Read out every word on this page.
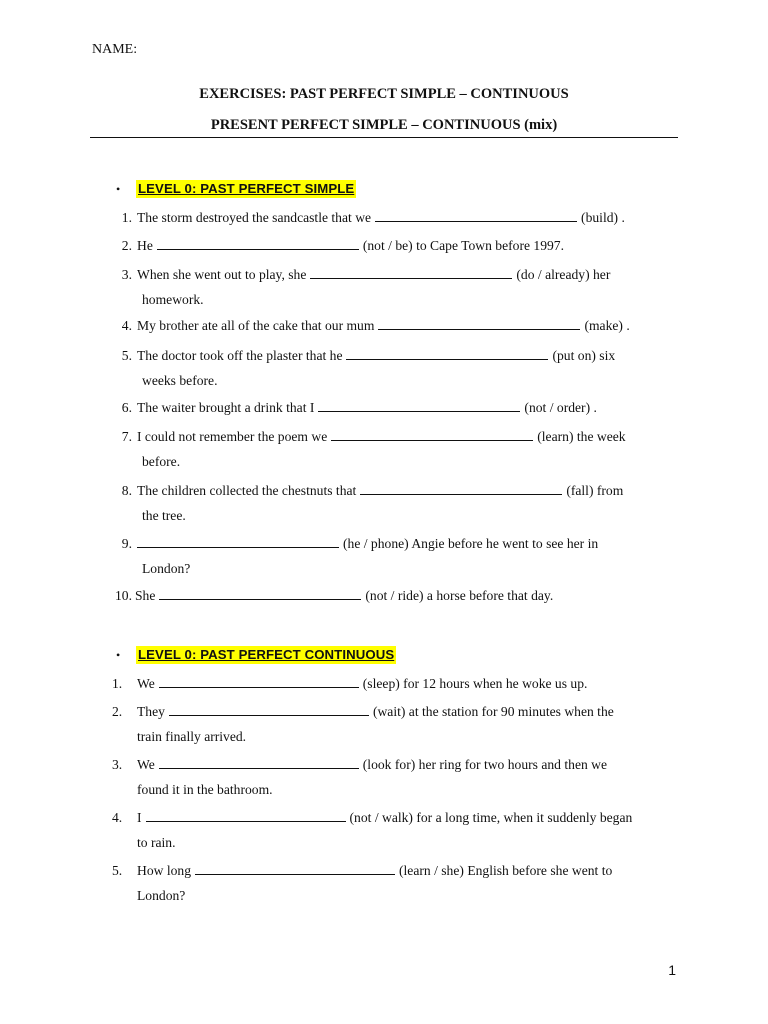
NAME:
EXERCISES: PAST PERFECT SIMPLE – CONTINUOUS
PRESENT PERFECT SIMPLE – CONTINUOUS (mix)
•	LEVEL 0: PAST PERFECT SIMPLE
1. The storm destroyed the sandcastle that we	(build) .
2. He	(not / be) to Cape Town before 1997.
3. When she went out to play, she	(do / already) her
homework.
4. My brother ate all of the cake that our mum	(make) .
5. The doctor took off the plaster that he	(put on) six
weeks before.
6. The waiter brought a drink that I	(not / order) .
7. I could not remember the poem we	(learn) the week
before.
8. The children collected the chestnuts that	(fall) from
the tree.
9.	(he / phone) Angie before he went to see her in
London?
10. She	(not / ride) a horse before that day.
•	LEVEL 0: PAST PERFECT CONTINUOUS
1.	We	(sleep) for 12 hours when he woke us up.
2.	They	(wait) at the station for 90 minutes when the
train finally arrived.
3.	We	(look for) her ring for two hours and then we
found it in the bathroom.
4.	I	(not / walk) for a long time, when it suddenly began
to rain.
5.	How long	(learn / she) English before she went to
London?
1
